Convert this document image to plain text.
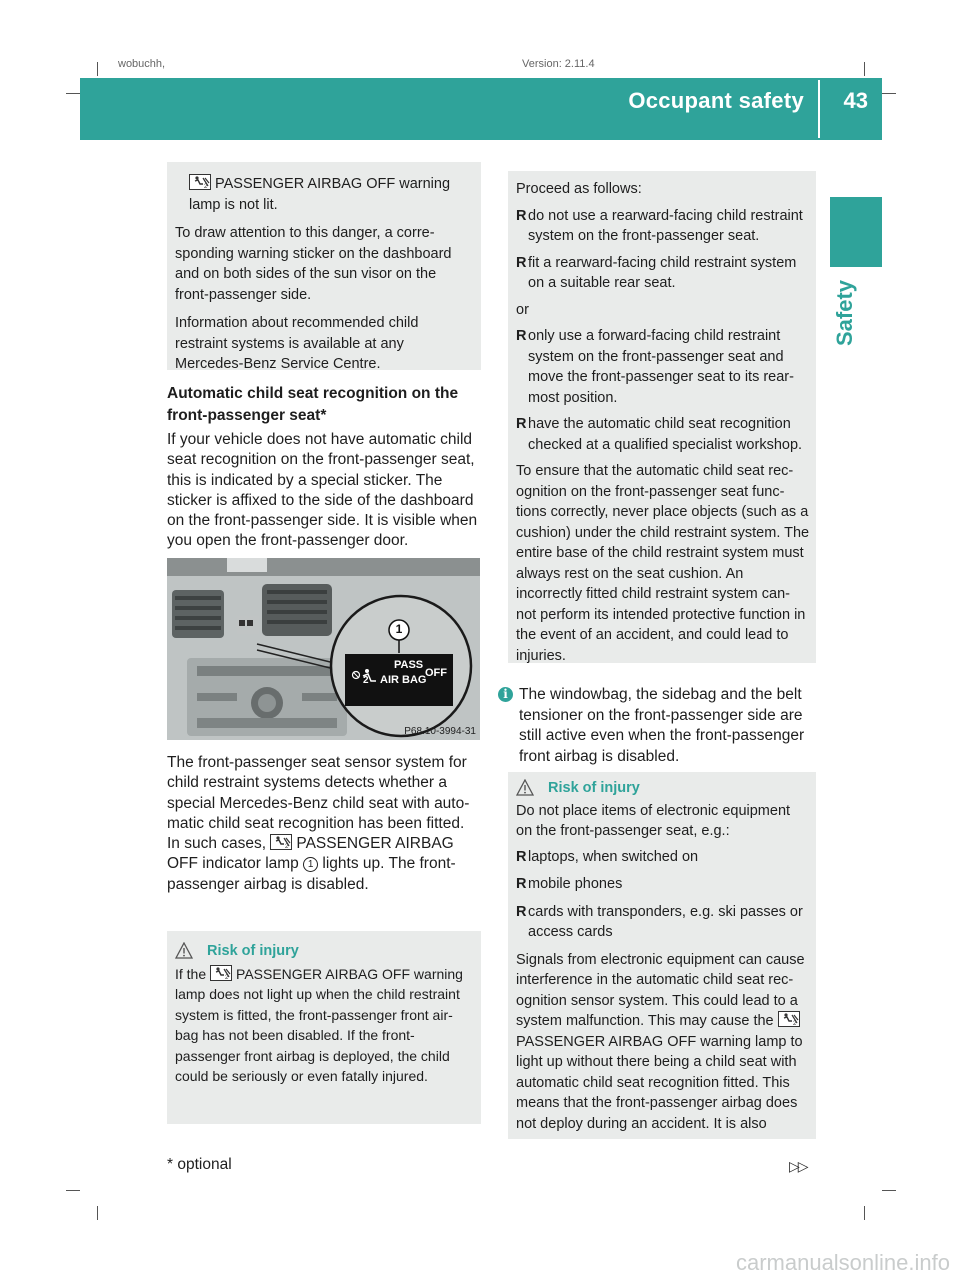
wobuchh,	Version: 2.11.4
Occupant safety 43
Safety

2 PASSENGER AIRBAG OFF warning
lamp is not lit.

To draw attention to this danger, a corre-sponding warning sticker on the dashboard and on both sides of the sun visor on the front-passenger side.

Information about recommended child restraint systems is available at any Mercedes-Benz Service Centre.

Automatic child seat recognition on the front-passenger seat*
If your vehicle does not have automatic child seat recognition on the front-passenger seat, this is indicated by a special sticker. The sticker is affixed to the side of the dashboard on the front-passenger side. It is visible when you open the front-passenger door.
1
PASS
2 AIR BAG
OFF
P68.10-3994-31
The front-passenger seat sensor system for child restraint systems detects whether a special Mercedes-Benz child seat with auto-matic child seat recognition has been fitted. In such cases,	2 PASSENGER AIRBAG OFF indicator lamp 1 lights up. The front-passenger airbag is disabled.
Risk of injury
If the	2 PASSENGER AIRBAG OFF warning lamp does not light up when the child restraint system is fitted, the front-passenger front air-bag has not been disabled. If the front-passenger front airbag is deployed, the child could be seriously or even fatally injured.

Proceed as follows:

R do not use a rearward-facing child restraint system on the front-passenger seat.
R fit a rearward-facing child restraint system on a suitable rear seat.

or

R only use a forward-facing child restraint system on the front-passenger seat and move the front-passenger seat to its rear-most position.
R have the automatic child seat recognition checked at a qualified specialist workshop.

To ensure that the automatic child seat rec-ognition on the front-passenger seat func-tions correctly, never place objects (such as a cushion) under the child restraint system. The entire base of the child restraint system must always rest on the seat cushion. An incorrectly fitted child restraint system can-not perform its intended protective function in the event of an accident, and could lead to injuries.

i The windowbag, the sidebag and the belt tensioner on the front-passenger side are still active even when the front-passenger front airbag is disabled.
Risk of injury

Do not place items of electronic equipment on the front-passenger seat, e.g.:

R laptops, when switched on
R mobile phones
R cards with transponders, e.g. ski passes or access cards
Signals from electronic equipment can cause interference in the automatic child seat rec-ognition sensor system. This could lead to a system malfunction. This may cause the	2
PASSENGER AIRBAG OFF warning lamp to light up without there being a child seat with automatic child seat recognition fitted. This means that the front-passenger airbag does not deploy during an accident. It is also
* optional	▷▷
carmanualsonline.info
